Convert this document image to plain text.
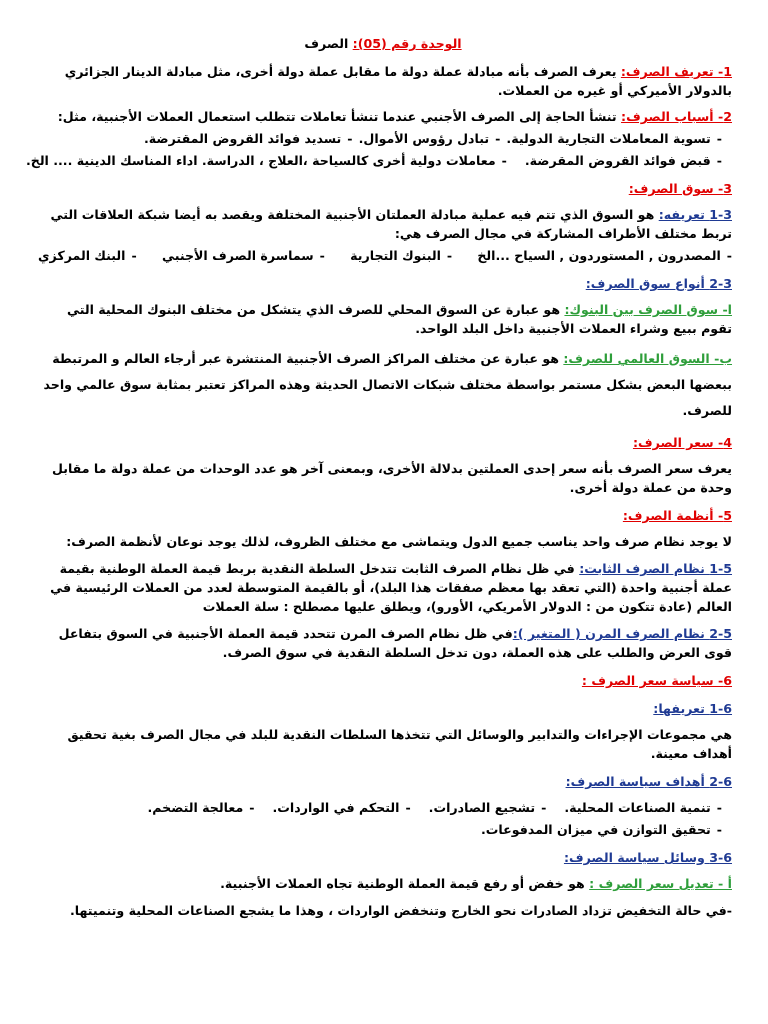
الوحدة رقم (05): الصرف

1- تعريف الصرف: يعرف الصرف بأنه مبادلة عملة دولة ما مقابل عملة دولة أخرى، مثل مبادلة الدينار الجزائري بالدولار الأميركي أو غيره من العملات.

2- أسباب الصرف: تنشأ الحاجة إلى الصرف الأجنبي عندما تنشأ تعاملات تتطلب استعمال العملات الأجنبية، مثل:

-تسوية المعاملات التجارية الدولية.
-تبادل رؤوس الأموال.
-تسديد فوائد القروض المقترضة.
-قبض فوائد القروض المقرضة.
-معاملات دولية أخرى كالسياحة ،العلاج ، الدراسة. اداء المناسك الدينية .... الخ.

3- سوق الصرف:

1-3 تعريفه: هو السوق الذي تتم فيه عملية مبادلة العملتان الأجنبية المختلفة ويقصد به أيضا شبكة العلاقات التي تربط مختلف الأطراف المشاركة في مجال الصرف هي:

-المصدرون , المستوردون , السياح ...الخ
-البنوك التجارية
-سماسرة الصرف الأجنبي
-البنك المركزي

2-3 أنواع سوق الصرف:

ا- سوق الصرف بين البنوك: هو عبارة عن السوق المحلي للصرف الذي يتشكل من مختلف البنوك المحلية التي تقوم ببيع وشراء العملات الأجنبية داخل البلد الواحد.

ب- السوق العالمي للصرف: هو عبارة عن مختلف المراكز الصرف الأجنبية المنتشرة عبر أرجاء العالم و المرتبطة ببعضها البعض بشكل مستمر بواسطة مختلف شبكات الاتصال الحديثة وهذه المراكز تعتبر بمثابة سوق عالمي واحد للصرف.

4- سعر الصرف:

يعرف سعر الصرف بأنه سعر إحدى العملتين بدلالة الأخرى، وبمعنى آخر هو عدد الوحدات من عملة دولة ما مقابل وحدة من عملة دولة أخرى.

5- أنظمة الصرف:

لا يوجد نظام صرف واحد يناسب جميع الدول ويتماشى مع مختلف الظروف، لذلك يوجد نوعان لأنظمة الصرف:

1-5 نظام الصرف الثابت: في ظل نظام الصرف الثابت تتدخل السلطة النقدية بربط قيمة العملة الوطنية بقيمة عملة أجنبية واحدة (التي تعقد بها معظم صفقات هذا البلد)، أو بالقيمة المتوسطة لعدد من العملات الرئيسية في العالم (عادة تتكون من : الدولار الأمريكي، الأورو)، ويطلق عليها مصطلح : سلة العملات

2-5 نظام الصرف المرن ( المتغير ):في ظل نظام الصرف المرن تتحدد قيمة العملة الأجنبية في السوق بتفاعل قوى العرض والطلب على هذه العملة، دون تدخل السلطة النقدية في سوق الصرف.

6- سياسة سعر الصرف :

1-6 تعريفها:

هي مجموعات الإجراءات والتدابير والوسائل التي تتخذها السلطات النقدية للبلد في مجال الصرف بغية تحقيق أهداف معينة.

2-6 أهداف سياسة الصرف:

-تنمية الصناعات المحلية.
-تشجيع الصادرات.
-التحكم في الواردات.
-معالجة التضخم.
-تحقيق التوازن في ميزان المدفوعات.

3-6 وسائل سياسة الصرف:

أ - تعديل سعر الصرف : هو خفض أو رفع قيمة العملة الوطنية تجاه العملات الأجنبية.

-في حالة التخفيض تزداد الصادرات نحو الخارج وتنخفض الواردات ، وهذا ما يشجع الصناعات المحلية وتنميتها.
